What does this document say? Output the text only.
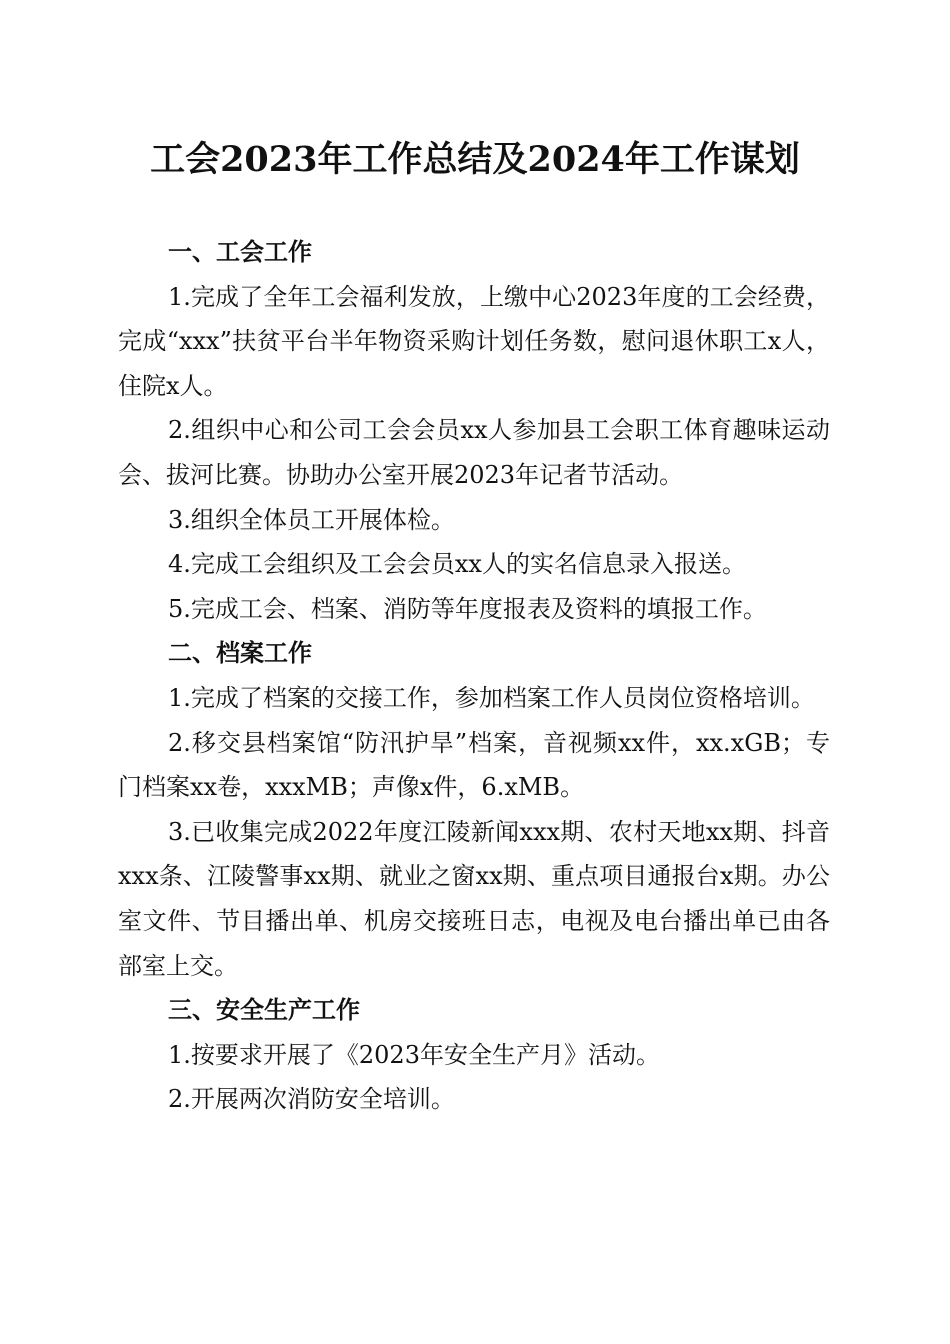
工会2023年工作总结及2024年工作谋划

一、工会工作

1.完成了全年工会福利发放，上缴中心2023年度的工会经费，完成“xxx”扶贫平台半年物资采购计划任务数，慰问退休职工x人，住院x人。

2.组织中心和公司工会会员xx人参加县工会职工体育趣味运动会、拔河比赛。协助办公室开展2023年记者节活动。

3.组织全体员工开展体检。

4.完成工会组织及工会会员xx人的实名信息录入报送。

5.完成工会、档案、消防等年度报表及资料的填报工作。

二、档案工作

1.完成了档案的交接工作，参加档案工作人员岗位资格培训。

2.移交县档案馆“防汛护旱”档案，音视频xx件，xx.xGB；专门档案xx卷，xxxMB；声像x件，6.xMB。

3.已收集完成2022年度江陵新闻xxx期、农村天地xx期、抖音xxx条、江陵警事xx期、就业之窗xx期、重点项目通报台x期。办公室文件、节目播出单、机房交接班日志，电视及电台播出单已由各部室上交。

三、安全生产工作

1.按要求开展了《2023年安全生产月》活动。

2.开展两次消防安全培训。
